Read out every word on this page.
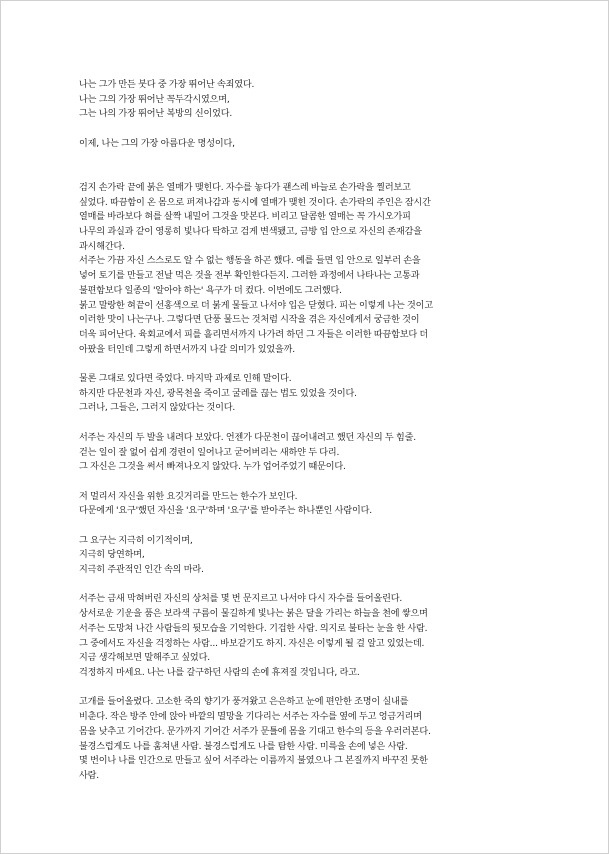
나는 그가 만든 붓다 중 가장 뛰어난 속죄였다.
나는 그의 가장 뛰어난 꼭두각시였으며,
그는 나의 가장 뛰어난 복방의 신이었다.
이제, 나는 그의 가장 아름다운 명성이다,
검지 손가락 끝에 붉은 열매가 맺힌다. 자수를 놓다가 괜스레 바늘로 손가락을 찔러보고
싶었다. 따끔함이 온 몸으로 퍼져나감과 동시에 열매가 맺힌 것이다. 손가락의 주인은 잠시간
열매를 바라보다 혀를 살짝 내밀어 그것을 맛본다. 비리고 달콤한 열매는 꼭 가시오가피
나무의 과실과 같이 영롱히 빛나다 탁하고 검게 변색됐고, 금방 입 안으로 자신의 존재감을
과시해간다.
서주는 가끔 자신 스스로도 알 수 없는 행동을 하곤 했다. 예를 들면 입 안으로 일부러 손을
넣어 토기를 만들고 전날 먹은 것을 전부 확인한다든지. 그러한 과정에서 나타나는 고통과
불편함보다 일종의 '알아야 하는' 욕구가 더 컸다. 이번에도 그러했다.
붉고 말랑한 혀끝이 선홍색으로 더 붉게 물들고 나서야 입은 닫혔다. 피는 이렇게 나는 것이고
이러한 맛이 나는구나. 그렇다면 단풍 물드는 것처럼 시작을 겪은 자신에게서 궁금한 것이
더욱 피어난다. 육회교에서 피를 흘리면서까지 나가려 하던 그 자들은 이러한 따끔함보다 더
아팠을 터인데 그렇게 하면서까지 나갈 의미가 있었을까.
물론 그대로 있다면 죽었다. 마지막 과제로 인해 말이다.
하지만 다문천과 자신, 광목천을 죽이고 굴레를 끊는 법도 있었을 것이다.
그러나, 그들은, 그러지 않았다는 것이다.
서주는 자신의 두 발을 내려다 보았다. 언젠가 다문천이 끊어내려고 했던 자신의 두 힘줄.
걷는 일이 잘 없어 쉽게 경련이 일어나고 굳어버리는 새하얀 두 다리.
그 자신은 그것을 써서 빠져나오지 않았다. 누가 업어주었기 때문이다.
저 멀리서 자신을 위한 요깃거리를 만드는 한수가 보인다.
다문에게 '요구'했던 자신을 '요구'하며 '요구'를 받아주는 하나뿐인 사람이다.
그 요구는 지극히 이기적이며,
지극히 당연하며,
지극히 주관적인 인간 속의 마라.
서주는 금새 막혀버린 자신의 상처를 몇 번 문지르고 나서야 다시 자수를 들어올린다.
상서로운 기운을 품은 보라색 구름이 물길하게 빛나는 붉은 달을 가리는 하늘을 천에 쌓으며
서주는 도망쳐 나간 사람들의 뒷모습을 기억한다. 기겁한 사람. 의지로 불타는 눈을 한 사람.
그 중에서도 자신을 걱정하는 사람... 바보같기도 하지. 자신은 이렇게 될 걸 알고 있었는데.
지금 생각해보면 말해주고 싶었다.
걱정하지 마세요. 나는 나를 갈구하던 사람의 손에 휴져질 것입니다, 라고.
고개를 들어올렸다. 고소한 죽의 향기가 풍겨왔고 은은하고 눈에 편안한 조명이 실내를
비춘다. 작은 방주 안에 앉아 바깥의 멸망을 기다리는 서주는 자수를 옆에 두고 엉금거리며
몸을 낮추고 기어간다. 문가까지 기어간 서주가 문틀에 몸을 기대고 한수의 등을 우러러본다.
불경스럽게도 나를 훔쳐낸 사람. 불경스럽게도 나를 탐한 사람. 미륵을 손에 넣은 사람.
몇 번이나 나를 인간으로 만들고 싶어 서주라는 이름까지 불였으나 그 본질까지 바꾸진 못한
사람.
